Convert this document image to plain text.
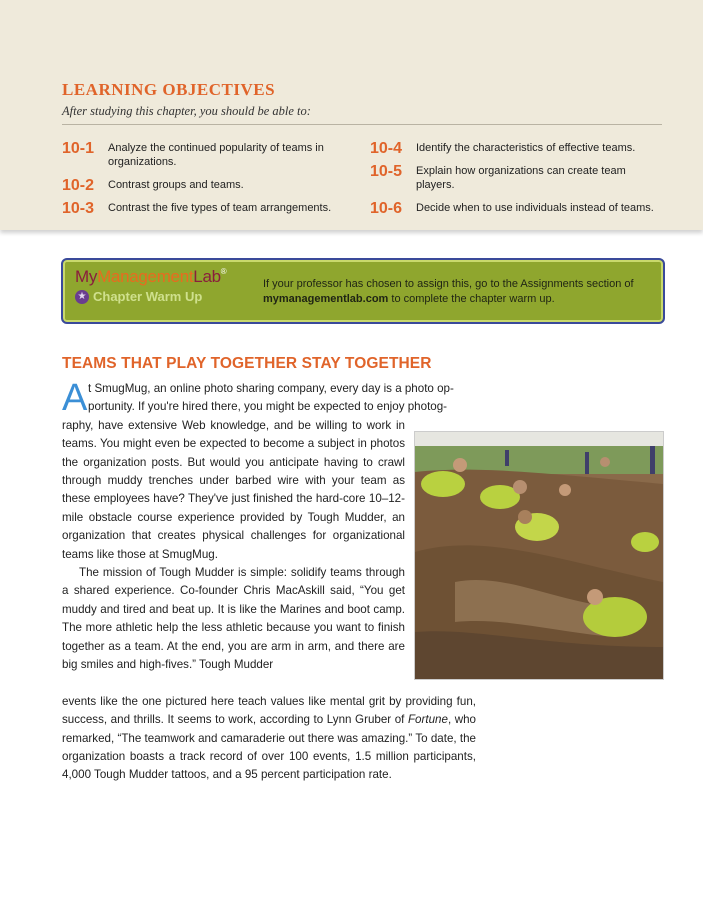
LEARNING OBJECTIVES
After studying this chapter, you should be able to:
10-1	Analyze the continued popularity of teams in organizations.
10-2	Contrast groups and teams.
10-3	Contrast the five types of team arrangements.
10-4	Identify the characteristics of effective teams.
10-5	Explain how organizations can create team players.
10-6	Decide when to use individuals instead of teams.
MyManagementLab®
★ Chapter Warm Up
If your professor has chosen to assign this, go to the Assignments section of mymanagementlab.com to complete the chapter warm up.
TEAMS THAT PLAY TOGETHER STAY TOGETHER
A t SmugMug, an online photo sharing company, every day is a photo op-

portunity. If you're hired there, you might be expected to enjoy photog-

raphy, have extensive Web knowledge, and be willing to work in teams. You might even be expected to become a subject in photos the organization posts. But would you anticipate having to crawl through muddy trenches under barbed wire with your team as these employees have? They've just finished the hard-core 10–12-mile obstacle course experience provided by Tough Mudder, an organization that creates physical challenges for organizational teams like those at SmugMug.

The mission of Tough Mudder is simple: solidify teams through a shared experience. Co-founder Chris MacAskill said, “You get muddy and tired and beat up. It is like the Marines and boot camp. The more athletic help the less athletic because you want to finish together as a team. At the end, you are arm in arm, and there are big smiles and high-fives.” Tough Mudder

events like the one pictured here teach values like mental grit by providing fun, success, and thrills. It seems to work, according to Lynn Gruber of Fortune, who remarked, “The teamwork and camaraderie out there was amazing.” To date, the organization boasts a track record of over 100 events, 1.5 million participants, 4,000 Tough Mudder tattoos, and a 95 percent participation rate.
